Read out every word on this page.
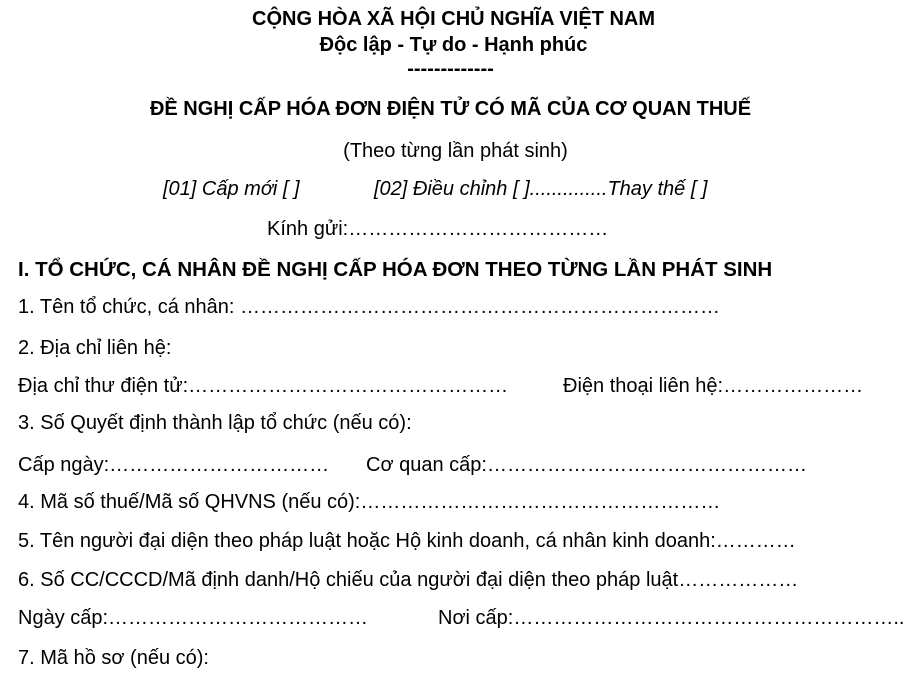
CỘNG HÒA XÃ HỘI CHỦ NGHĨA VIỆT NAM
Độc lập - Tự do - Hạnh phúc
-------------
ĐỀ NGHỊ CẤP HÓA ĐƠN ĐIỆN TỬ CÓ MÃ CỦA CƠ QUAN THUẾ
(Theo từng lần phát sinh)
[01] Cấp mới [ ]	[02] Điều chỉnh [ ]..............Thay thế [ ]
Kính gửi:…………………………………
I. TỔ CHỨC, CÁ NHÂN ĐỀ NGHỊ CẤP HÓA ĐƠN THEO TỪNG LẦN PHÁT SINH
1. Tên tổ chức, cá nhân: ………………………………………………………………
2. Địa chỉ liên hệ:
Địa chỉ thư điện tử:…………………………………………	Điện thoại liên hệ:…………………
3. Số Quyết định thành lập tổ chức (nếu có):
Cấp ngày:…………………………… Cơ quan cấp:…………………………………………
4. Mã số thuế/Mã số QHVNS (nếu có):………………………………………………
5. Tên người đại diện theo pháp luật hoặc Hộ kinh doanh, cá nhân kinh doanh:…………
6. Số CC/CCCD/Mã định danh/Hộ chiếu của người đại diện theo pháp luật………………
Ngày cấp:…………………………………	Nơi cấp:…………………………………………………..
7. Mã hồ sơ (nếu có):
